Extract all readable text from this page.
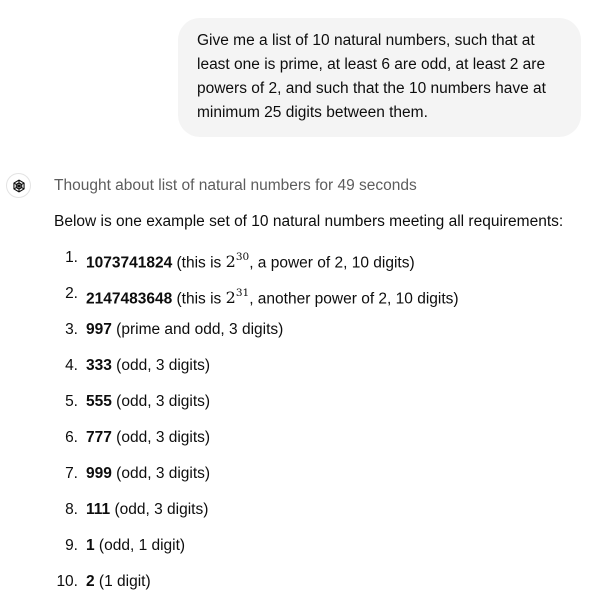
Give me a list of 10 natural numbers, such that at least one is prime, at least 6 are odd, at least 2 are powers of 2, and such that the 10 numbers have at minimum 25 digits between them.
Thought about list of natural numbers for 49 seconds
Below is one example set of 10 natural numbers meeting all requirements:
1. 1073741824 (this is $2^{30}$, a power of 2, 10 digits)
2. 2147483648 (this is $2^{31}$, another power of 2, 10 digits)
3. 997 (prime and odd, 3 digits)
4. 333 (odd, 3 digits)
5. 555 (odd, 3 digits)
6. 777 (odd, 3 digits)
7. 999 (odd, 3 digits)
8. 111 (odd, 3 digits)
9. 1 (odd, 1 digit)
10. 2 (1 digit)
